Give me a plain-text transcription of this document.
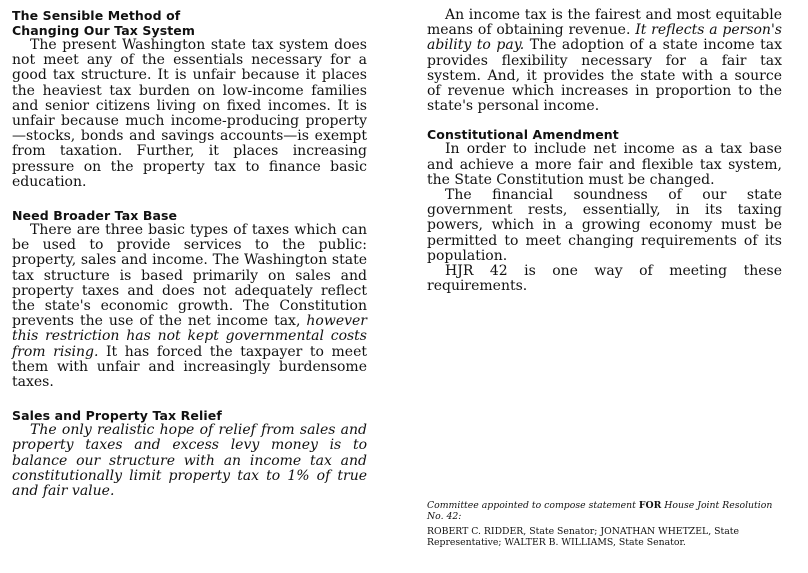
The Sensible Method of
Changing Our Tax System

The present Washington state tax system does not meet any of the essentials necessary for a good tax structure. It is unfair because it places the heaviest tax burden on low-income families and senior citizens living on fixed incomes. It is unfair because much income-producing property—stocks, bonds and savings accounts—is exempt from taxation. Further, it places increasing pressure on the property tax to finance basic education.

Need Broader Tax Base

There are three basic types of taxes which can be used to provide services to the public: property, sales and income. The Washington state tax structure is based primarily on sales and property taxes and does not adequately reflect the state's economic growth. The Constitution prevents the use of the net income tax, however this restriction has not kept governmental costs from rising. It has forced the taxpayer to meet them with unfair and increasingly burdensome taxes.

Sales and Property Tax Relief

The only realistic hope of relief from sales and property taxes and excess levy money is to balance our structure with an income tax and constitutionally limit property tax to 1% of true and fair value.

An income tax is the fairest and most equitable means of obtaining revenue. It reflects a person's ability to pay. The adoption of a state income tax provides flexibility necessary for a fair tax system. And, it provides the state with a source of revenue which increases in proportion to the state's personal income.

Constitutional Amendment

In order to include net income as a tax base and achieve a more fair and flexible tax system, the State Constitution must be changed.

The financial soundness of our state government rests, essentially, in its taxing powers, which in a growing economy must be permitted to meet changing requirements of its population.

HJR 42 is one way of meeting these requirements.

Committee appointed to compose statement FOR House Joint Resolution No. 42:
ROBERT C. RIDDER, State Senator; JONATHAN WHETZEL, State Representative; WALTER B. WILLIAMS, State Senator.
